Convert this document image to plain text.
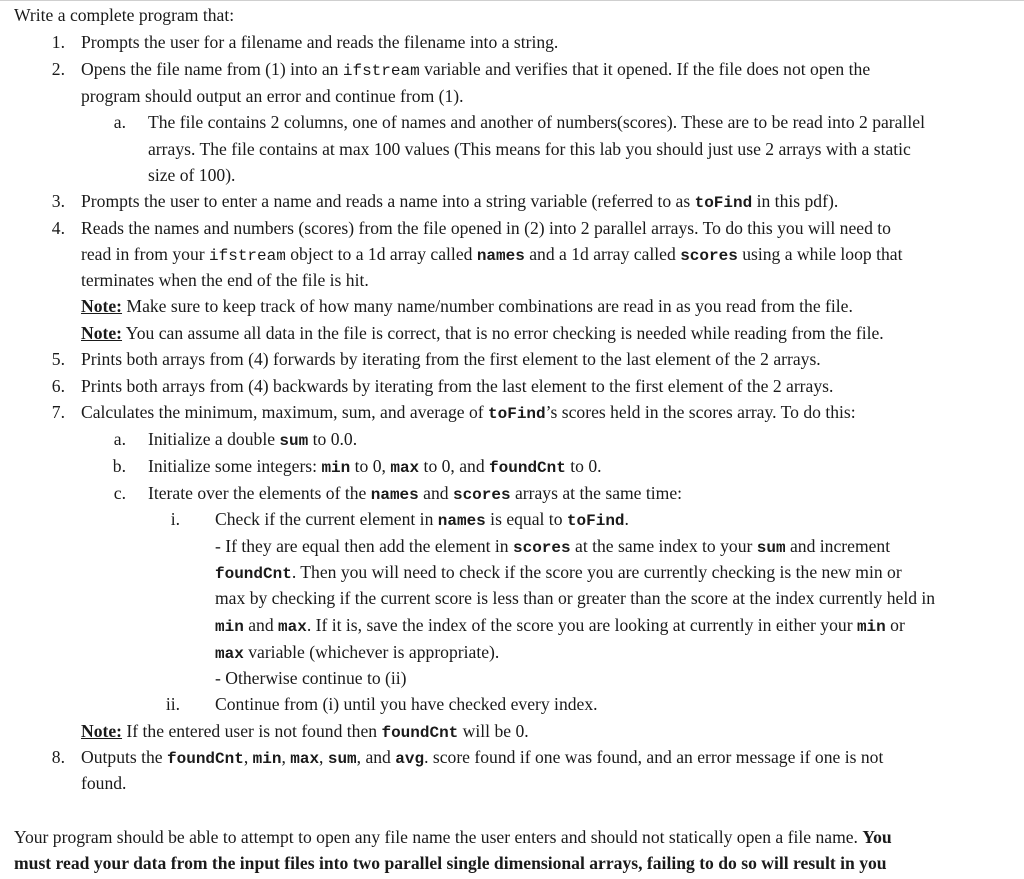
Write a complete program that:
1. Prompts the user for a filename and reads the filename into a string.
2. Opens the file name from (1) into an ifstream variable and verifies that it opened. If the file does not open the
program should output an error and continue from (1).
a. The file contains 2 columns, one of names and another of numbers(scores). These are to be read into 2 parallel
arrays. The file contains at max 100 values (This means for this lab you should just use 2 arrays with a static
size of 100).
3. Prompts the user to enter a name and reads a name into a string variable (referred to as toFind in this pdf).
4. Reads the names and numbers (scores) from the file opened in (2) into 2 parallel arrays. To do this you will need to
read in from your ifstream object to a 1d array called names and a 1d array called scores using a while loop that
terminates when the end of the file is hit.
Note: Make sure to keep track of how many name/number combinations are read in as you read from the file.
Note: You can assume all data in the file is correct, that is no error checking is needed while reading from the file.
5. Prints both arrays from (4) forwards by iterating from the first element to the last element of the 2 arrays.
6. Prints both arrays from (4) backwards by iterating from the last element to the first element of the 2 arrays.
7. Calculates the minimum, maximum, sum, and average of toFind’s scores held in the scores array. To do this:
a. Initialize a double sum to 0.0.
b. Initialize some integers: min to 0, max to 0, and foundCnt to 0.
c. Iterate over the elements of the names and scores arrays at the same time:
i. Check if the current element in names is equal to toFind.
- If they are equal then add the element in scores at the same index to your sum and increment
foundCnt. Then you will need to check if the score you are currently checking is the new min or
max by checking if the current score is less than or greater than the score at the index currently held in
min and max. If it is, save the index of the score you are looking at currently in either your min or
max variable (whichever is appropriate).
- Otherwise continue to (ii)
ii. Continue from (i) until you have checked every index.
Note: If the entered user is not found then foundCnt will be 0.
8. Outputs the foundCnt, min, max, sum, and avg. score found if one was found, and an error message if one is not
found.
Your program should be able to attempt to open any file name the user enters and should not statically open a file name. You
must read your data from the input files into two parallel single dimensional arrays, failing to do so will result in you
